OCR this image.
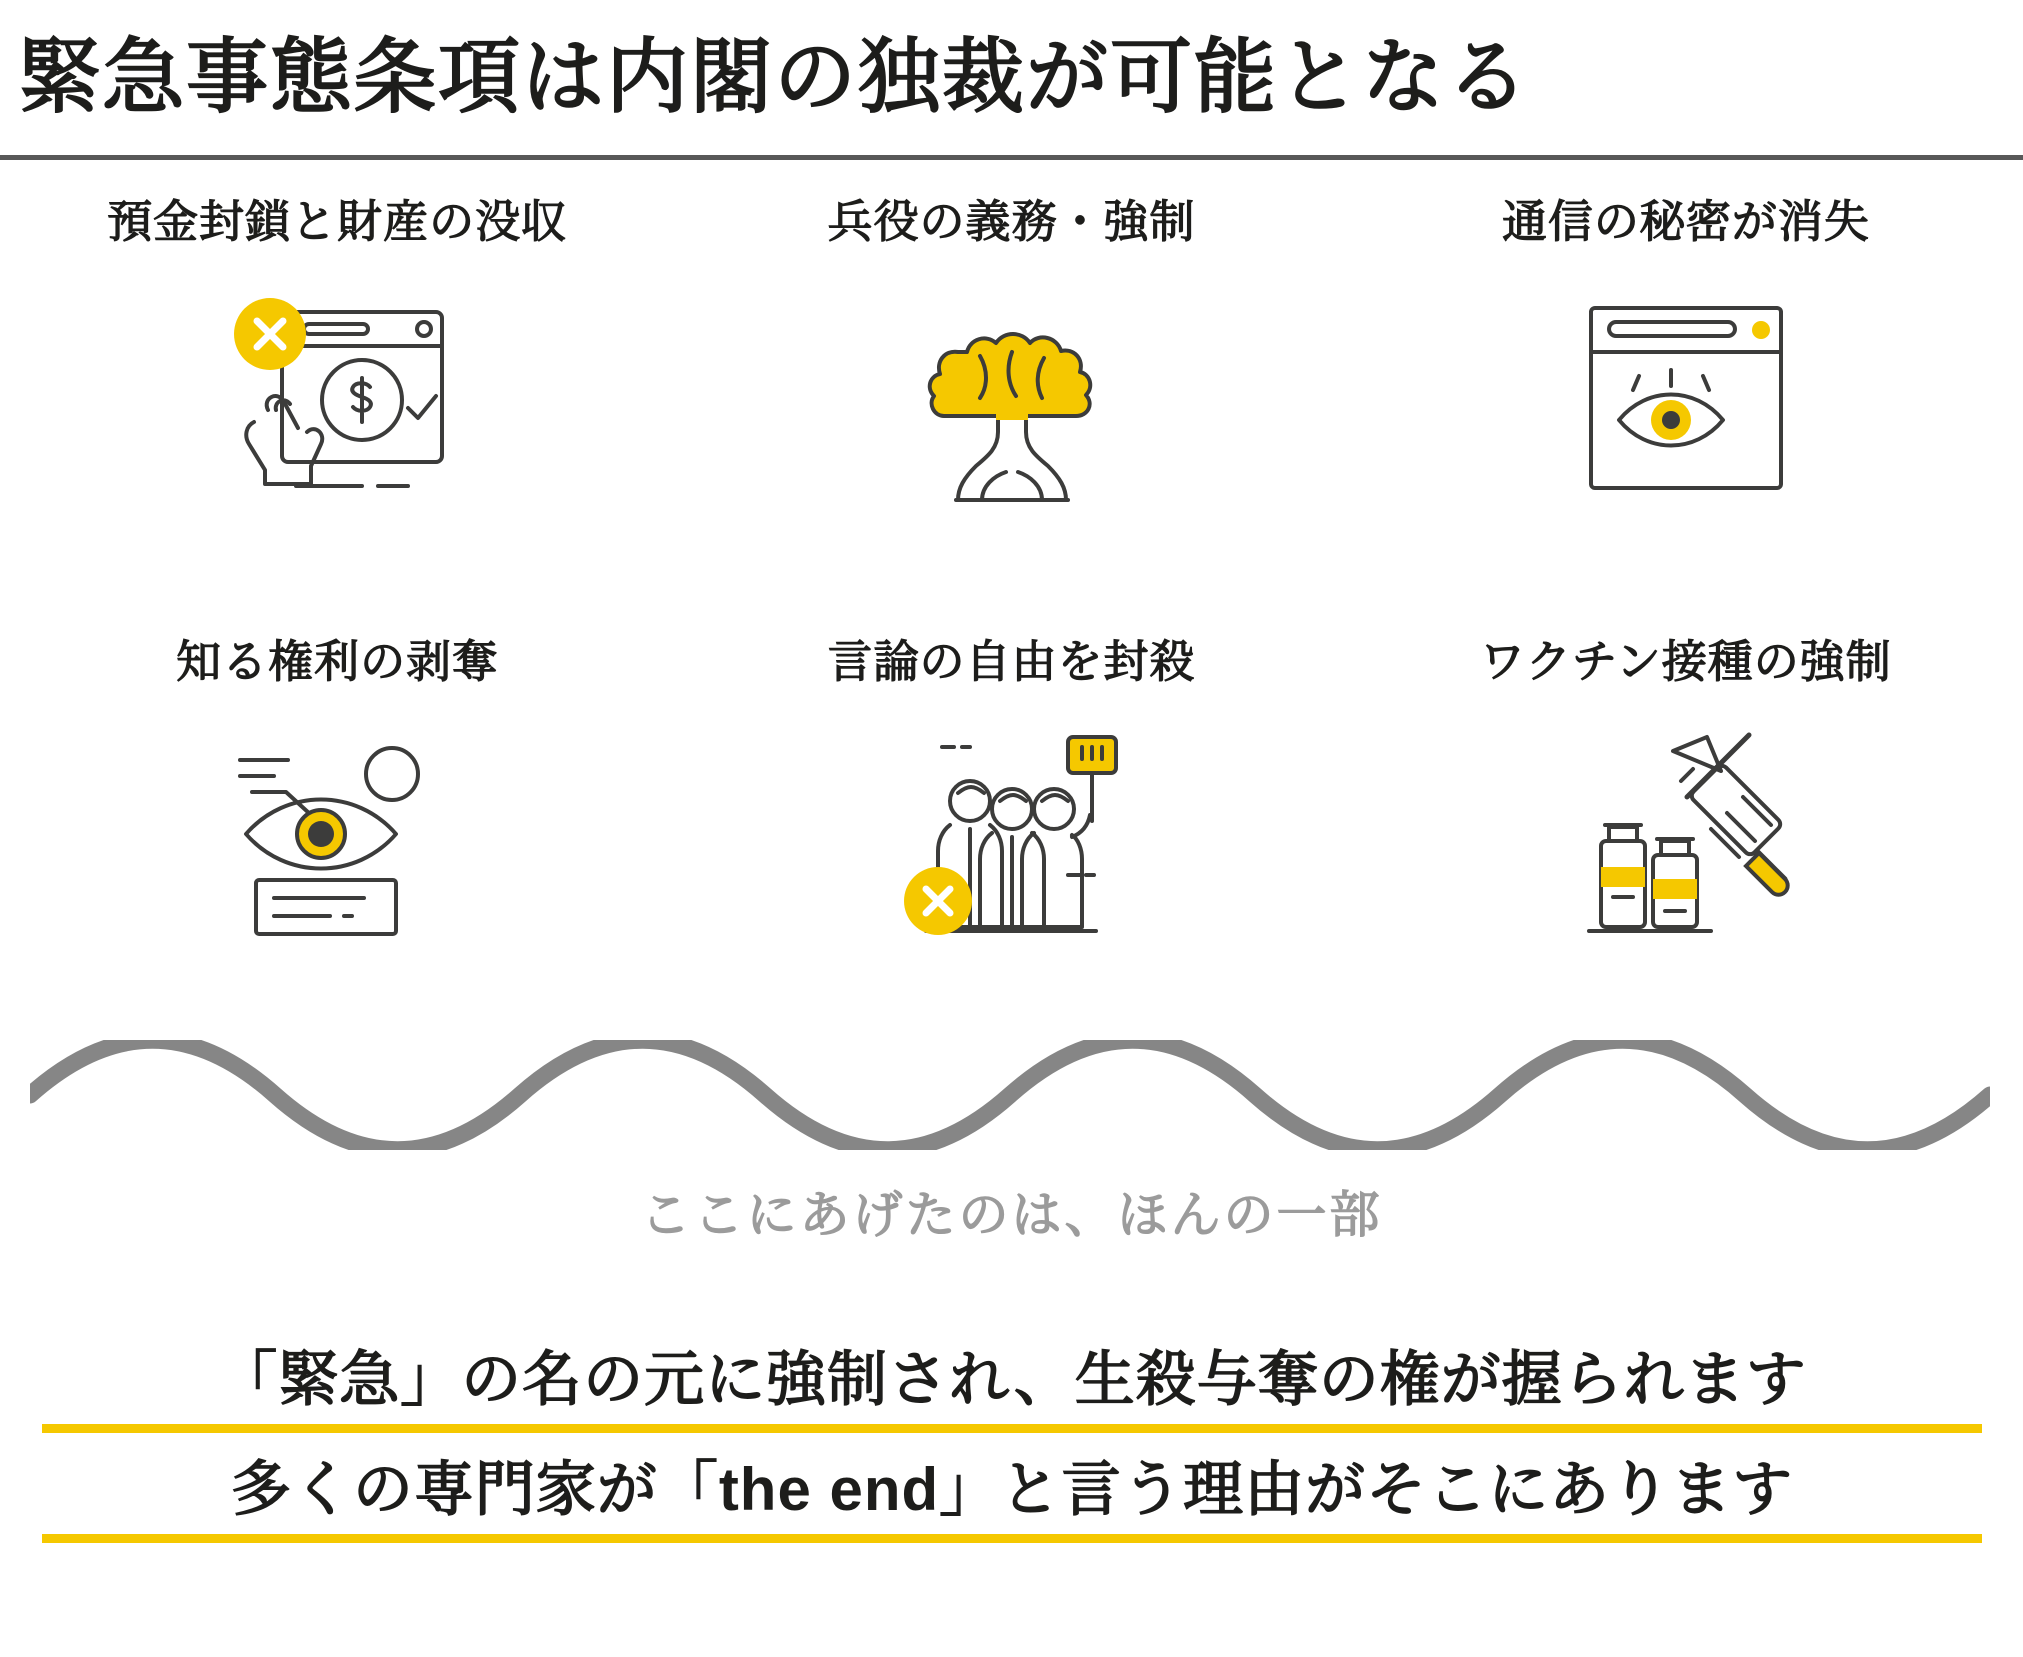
緊急事態条項は内閣の独裁が可能となる
預金封鎖と財産の没収	兵役の義務・強制	通信の秘密が消失
知る権利の剥奪	言論の自由を封殺	ワクチン接種の強制
ここにあげたのは、ほんの一部
「緊急」の名の元に強制され、生殺与奪の権が握られます
多くの専門家が「the end」と言う理由がそこにあります
